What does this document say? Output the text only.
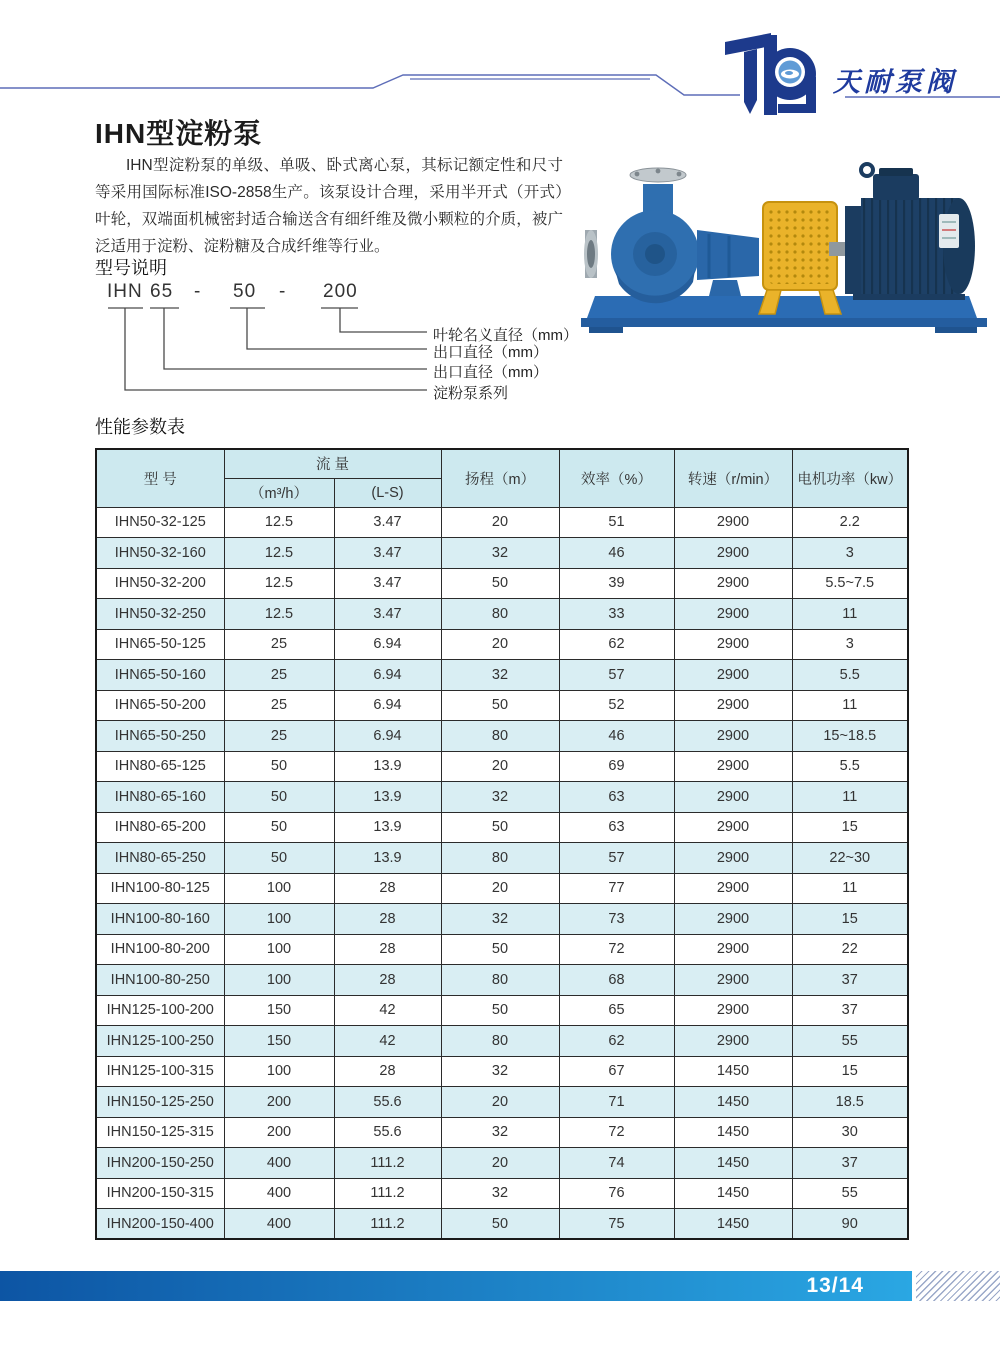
天耐泵阀
IHN型淀粉泵

IHN型淀粉泵的单级、单吸、卧式离心泵，其标记额定性和尺寸等采用国际标准ISO-2858生产。该泵设计合理，采用半开式（开式）叶轮，双端面机械密封适合输送含有细纤维及微小颗粒的介质，被广泛适用于淀粉、淀粉糖及合成纤维等行业。

型号说明
IHN 65 - 50 - 200
叶轮名义直径（mm）
出口直径（mm）
出口直径（mm）
淀粉泵系列
性能参数表
型 号	流 量		扬程（m）	效率（%）	转速（r/min）	电机功率（kw）
	（m³/h）	(L-S)				
IHN50-32-125	12.5	3.47	20	51	2900	2.2
IHN50-32-160	12.5	3.47	32	46	2900	3
IHN50-32-200	12.5	3.47	50	39	2900	5.5~7.5
IHN50-32-250	12.5	3.47	80	33	2900	11
IHN65-50-125	25	6.94	20	62	2900	3
IHN65-50-160	25	6.94	32	57	2900	5.5
IHN65-50-200	25	6.94	50	52	2900	11
IHN65-50-250	25	6.94	80	46	2900	15~18.5
IHN80-65-125	50	13.9	20	69	2900	5.5
IHN80-65-160	50	13.9	32	63	2900	11
IHN80-65-200	50	13.9	50	63	2900	15
IHN80-65-250	50	13.9	80	57	2900	22~30
IHN100-80-125	100	28	20	77	2900	11
IHN100-80-160	100	28	32	73	2900	15
IHN100-80-200	100	28	50	72	2900	22
IHN100-80-250	100	28	80	68	2900	37
IHN125-100-200	150	42	50	65	2900	37
IHN125-100-250	150	42	80	62	2900	55
IHN125-100-315	100	28	32	67	1450	15
IHN150-125-250	200	55.6	20	71	1450	18.5
IHN150-125-315	200	55.6	32	72	1450	30
IHN200-150-250	400	111.2	20	74	1450	37
IHN200-150-315	400	111.2	32	76	1450	55
IHN200-150-400	400	111.2	50	75	1450	90
13/14
